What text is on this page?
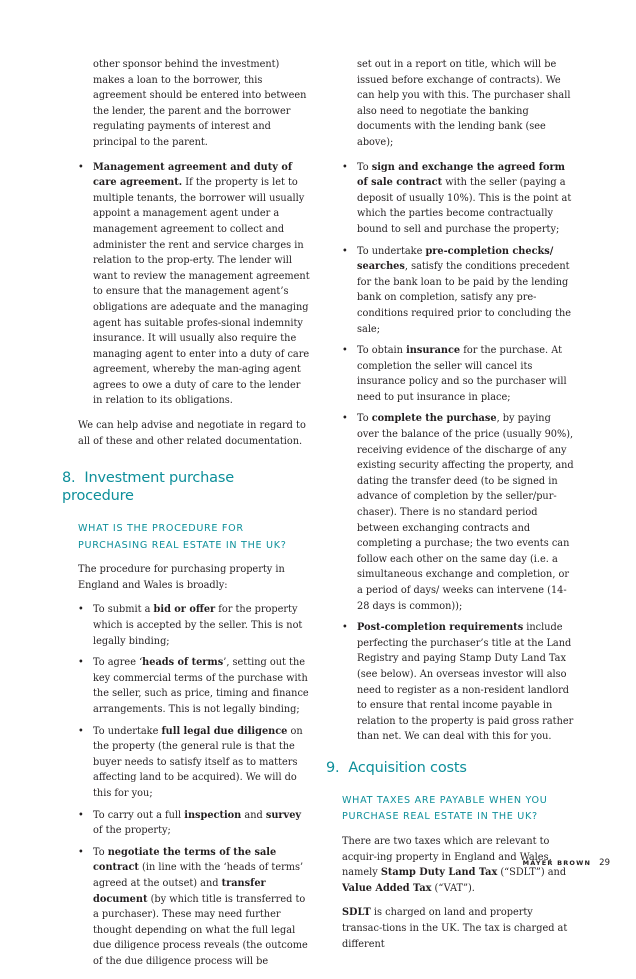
other sponsor behind the investment) makes a loan to the borrower, this agreement should be entered into between the lender, the parent and the borrower regulating payments of interest and principal to the parent.
• Management agreement and duty of care agreement. If the property is let to multiple tenants, the borrower will usually appoint a management agent under a management agreement to collect and administer the rent and service charges in relation to the prop-erty. The lender will want to review the management agreement to ensure that the management agent’s obligations are adequate and the managing agent has suitable profes-sional indemnity insurance. It will usually also require the managing agent to enter into a duty of care agreement, whereby the man-aging agent agrees to owe a duty of care to the lender in relation to its obligations.

We can help advise and negotiate in regard to all of these and other related documentation.

8. Investment purchase procedure
WHAT IS THE PROCEDURE FOR PURCHASING REAL ESTATE IN THE UK?

The procedure for purchasing property in England and Wales is broadly:

• To submit a bid or offer for the property which is accepted by the seller. This is not legally binding;
• To agree ‘heads of terms’, setting out the key commercial terms of the purchase with the seller, such as price, timing and finance arrangements. This is not legally binding;
• To undertake full legal due diligence on the property (the general rule is that the buyer needs to satisfy itself as to matters affecting land to be acquired). We will do this for you;
• To carry out a full inspection and survey of the property;
• To negotiate the terms of the sale contract (in line with the ‘heads of terms’ agreed at the outset) and transfer document (by which title is transferred to a purchaser). These may need further thought depending on what the full legal due diligence process reveals (the outcome of the due diligence process will be
set out in a report on title, which will be issued before exchange of contracts). We can help you with this. The purchaser shall also need to negotiate the banking documents with the lending bank (see above);
• To sign and exchange the agreed form of sale contract with the seller (paying a deposit of usually 10%). This is the point at which the parties become contractually bound to sell and purchase the property;
• To undertake pre-completion checks/ searches, satisfy the conditions precedent for the bank loan to be paid by the lending bank on completion, satisfy any pre-conditions required prior to concluding the sale;
• To obtain insurance for the purchase. At completion the seller will cancel its insurance policy and so the purchaser will need to put insurance in place;
• To complete the purchase, by paying over the balance of the price (usually 90%), receiving evidence of the discharge of any existing security affecting the property, and dating the transfer deed (to be signed in advance of completion by the seller/pur-chaser). There is no standard period between exchanging contracts and completing a purchase; the two events can follow each other on the same day (i.e. a simultaneous exchange and completion, or a period of days/ weeks can intervene (14-28 days is common));
• Post-completion requirements include perfecting the purchaser’s title at the Land Registry and paying Stamp Duty Land Tax (see below). An overseas investor will also need to register as a non-resident landlord to ensure that rental income payable in relation to the property is paid gross rather than net. We can deal with this for you.
9. Acquisition costs
WHAT TAXES ARE PAYABLE WHEN YOU PURCHASE REAL ESTATE IN THE UK?

There are two taxes which are relevant to acquir-ing property in England and Wales, namely Stamp Duty Land Tax (“SDLT”) and Value Added Tax (“VAT”).

SDLT is charged on land and property transac-tions in the UK. The tax is charged at different

MAYER BROWN 29
